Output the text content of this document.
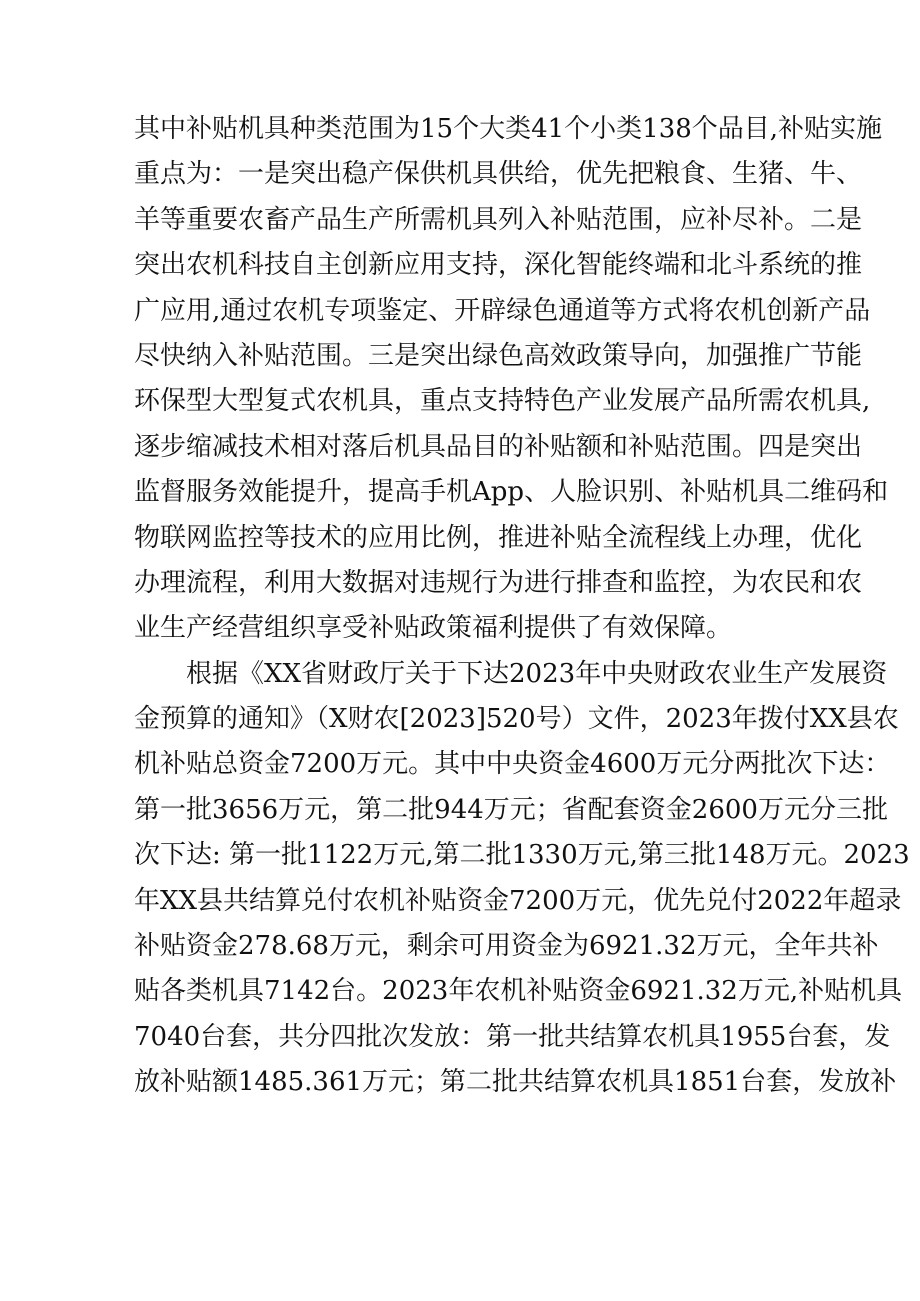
其中补贴机具种类范围为15个大类41个小类138个品目,补贴实施
重点为：一是突出稳产保供机具供给，优先把粮食、生猪、牛、
羊等重要农畜产品生产所需机具列入补贴范围，应补尽补。二是
突出农机科技自主创新应用支持，深化智能终端和北斗系统的推
广应用,通过农机专项鉴定、开辟绿色通道等方式将农机创新产品
尽快纳入补贴范围。三是突出绿色高效政策导向，加强推广节能
环保型大型复式农机具，重点支持特色产业发展产品所需农机具,
逐步缩减技术相对落后机具品目的补贴额和补贴范围。四是突出
监督服务效能提升，提高手机App、人脸识别、补贴机具二维码和
物联网监控等技术的应用比例，推进补贴全流程线上办理，优化
办理流程，利用大数据对违规行为进行排查和监控，为农民和农
业生产经营组织享受补贴政策福利提供了有效保障。
根据《XX省财政厅关于下达2023年中央财政农业生产发展资
金预算的通知》（X财农[2023]520号）文件，2023年拨付XX县农
机补贴总资金7200万元。其中中央资金4600万元分两批次下达：
第一批3656万元，第二批944万元；省配套资金2600万元分三批
次下达: 第一批1122万元,第二批1330万元,第三批148万元。2023
年XX县共结算兑付农机补贴资金7200万元，优先兑付2022年超录
补贴资金278.68万元，剩余可用资金为6921.32万元，全年共补
贴各类机具7142台。2023年农机补贴资金6921.32万元,补贴机具
7040台套，共分四批次发放：第一批共结算农机具1955台套，发
放补贴额1485.361万元；第二批共结算农机具1851台套，发放补
